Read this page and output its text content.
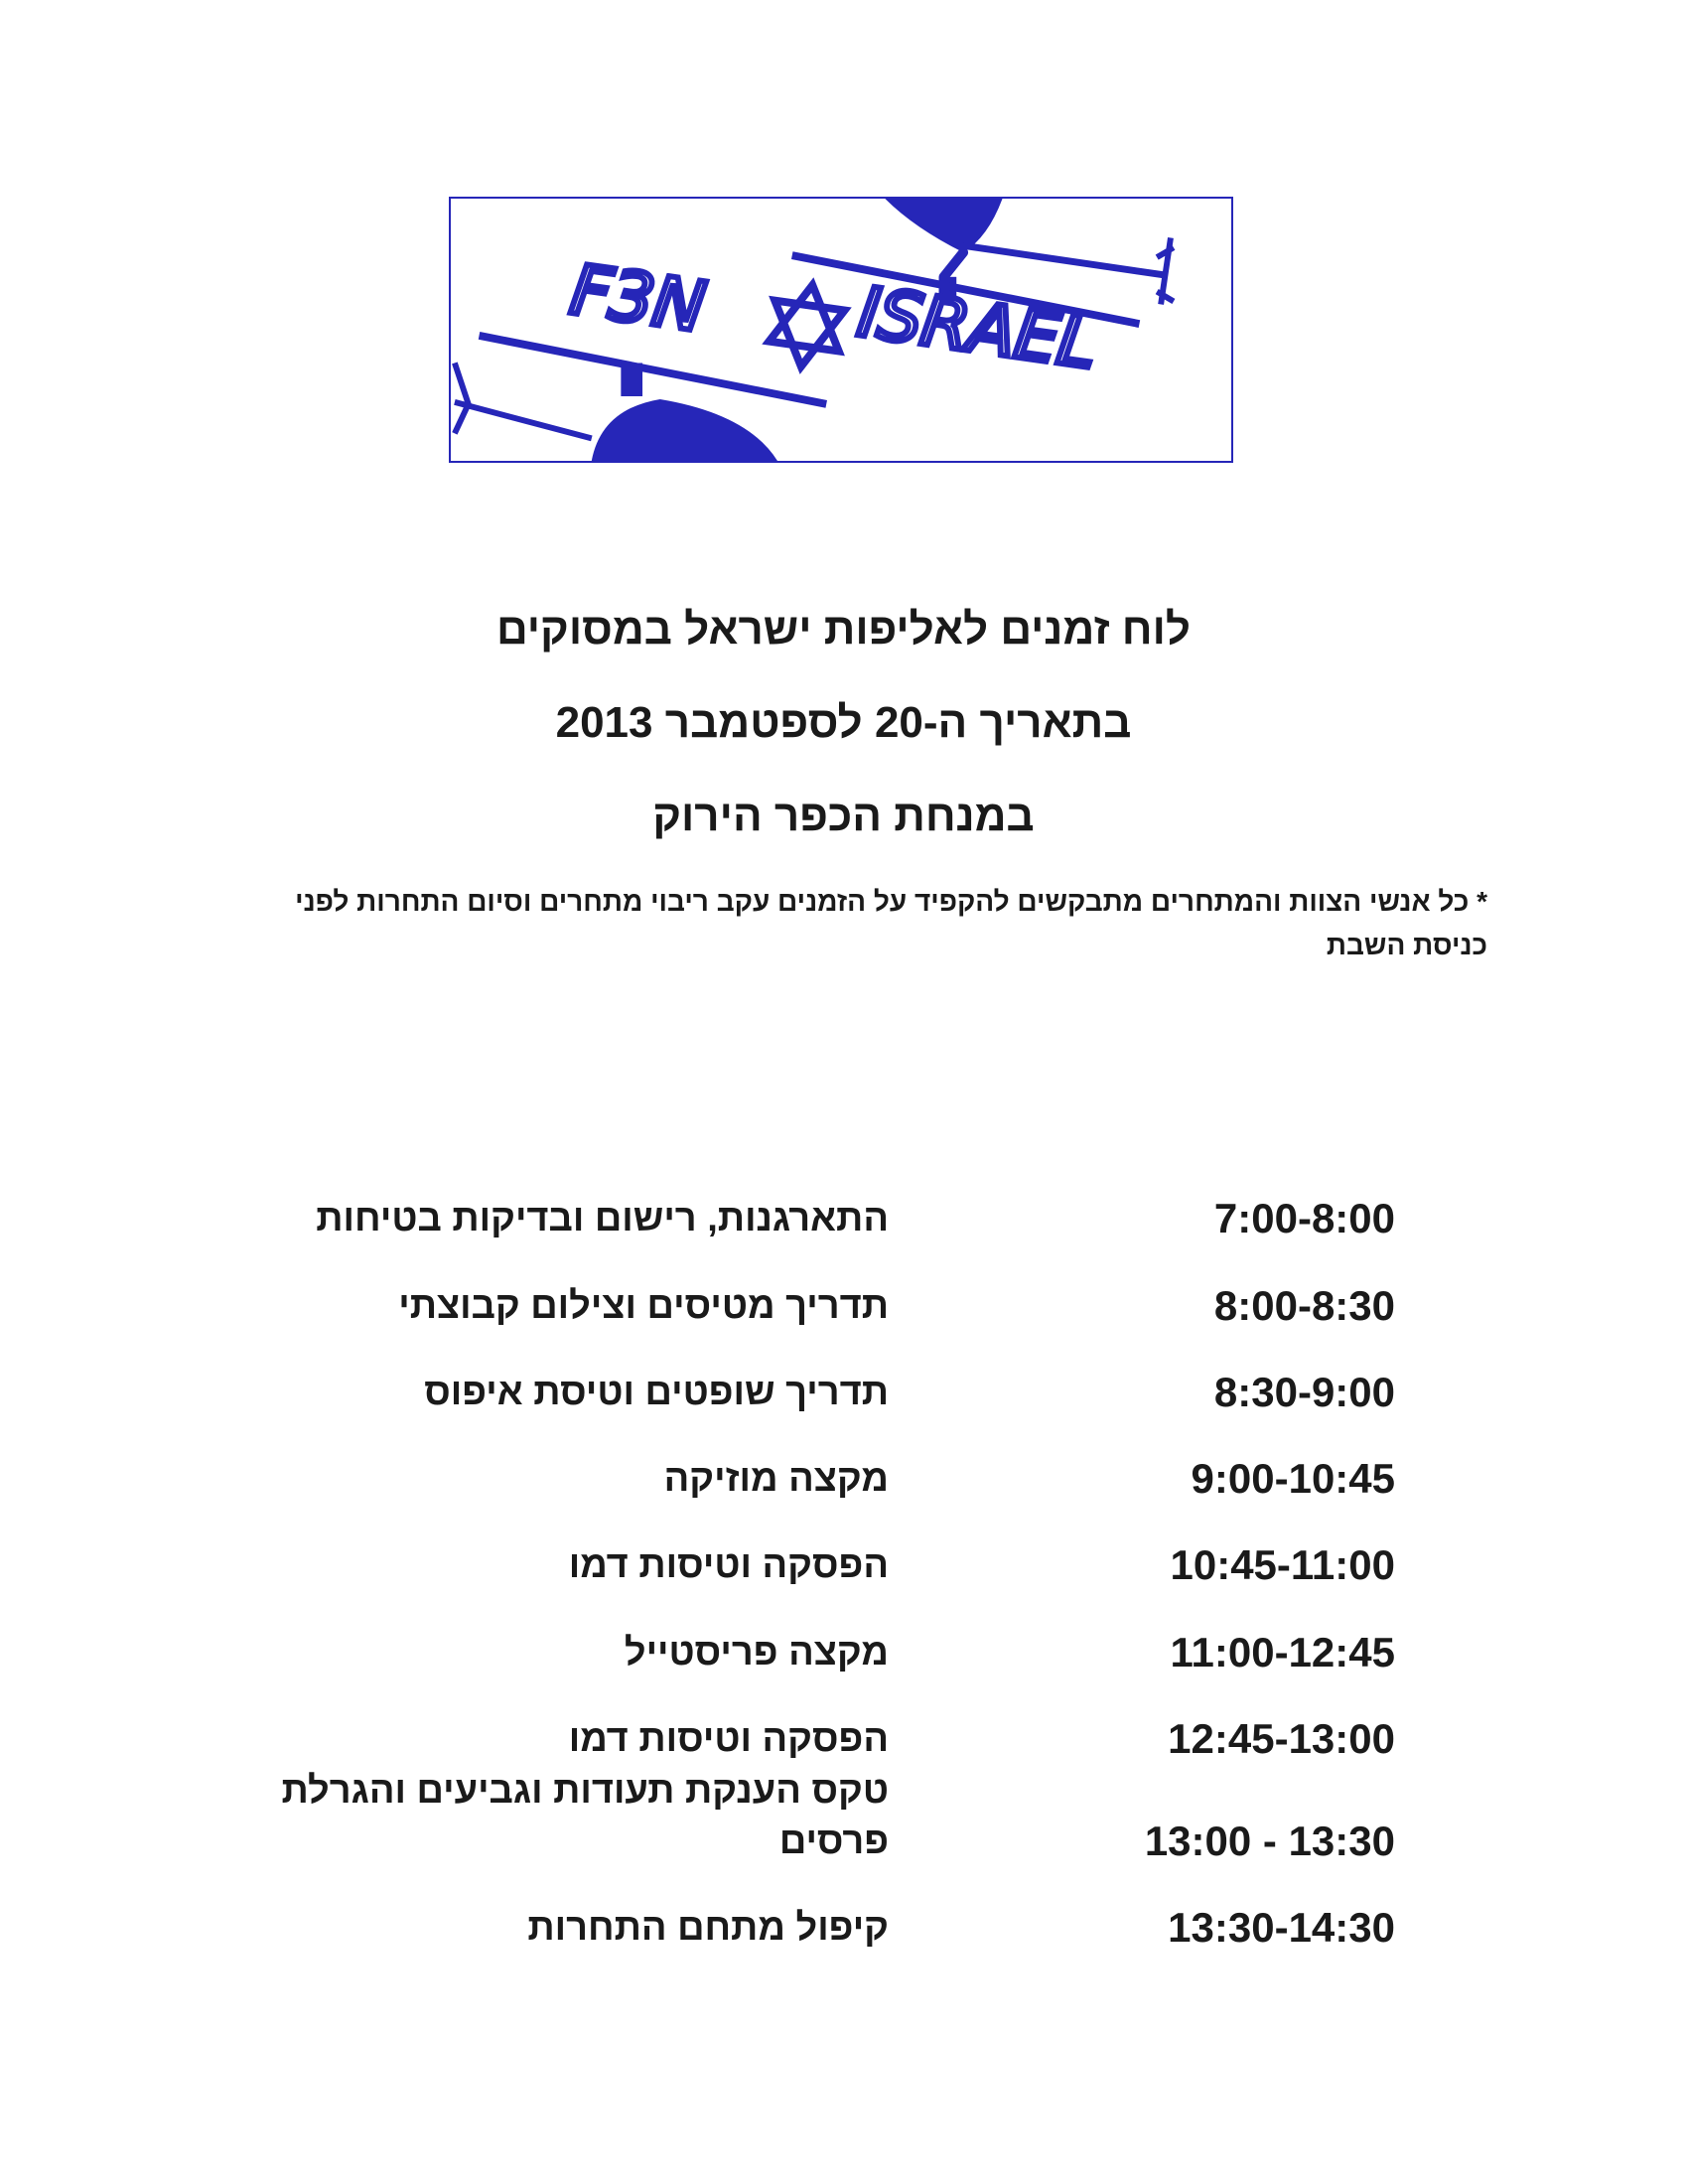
F3N ISRAEL
לוח זמנים לאליפות ישראל במסוקים
בתאריך ה-20 לספטמבר 2013
במנחת הכפר הירוק
* כל אנשי הצוות והמתחרים מתבקשים להקפיד על הזמנים עקב ריבוי מתחרים וסיום התחרות לפני
כניסת השבת
7:00-8:00
התארגנות, רישום ובדיקות בטיחות
8:00-8:30
תדריך מטיסים וצילום קבוצתי
8:30-9:00
תדריך שופטים וטיסת איפוס
9:00-10:45
מקצה מוזיקה
10:45-11:00
הפסקה וטיסות דמו
11:00-12:45
מקצה פריסטייל
12:45-13:00
הפסקה וטיסות דמו
13:00 - 13:30
טקס הענקת תעודות וגביעים והגרלת
פרסים
13:30-14:30
קיפול מתחם התחרות
